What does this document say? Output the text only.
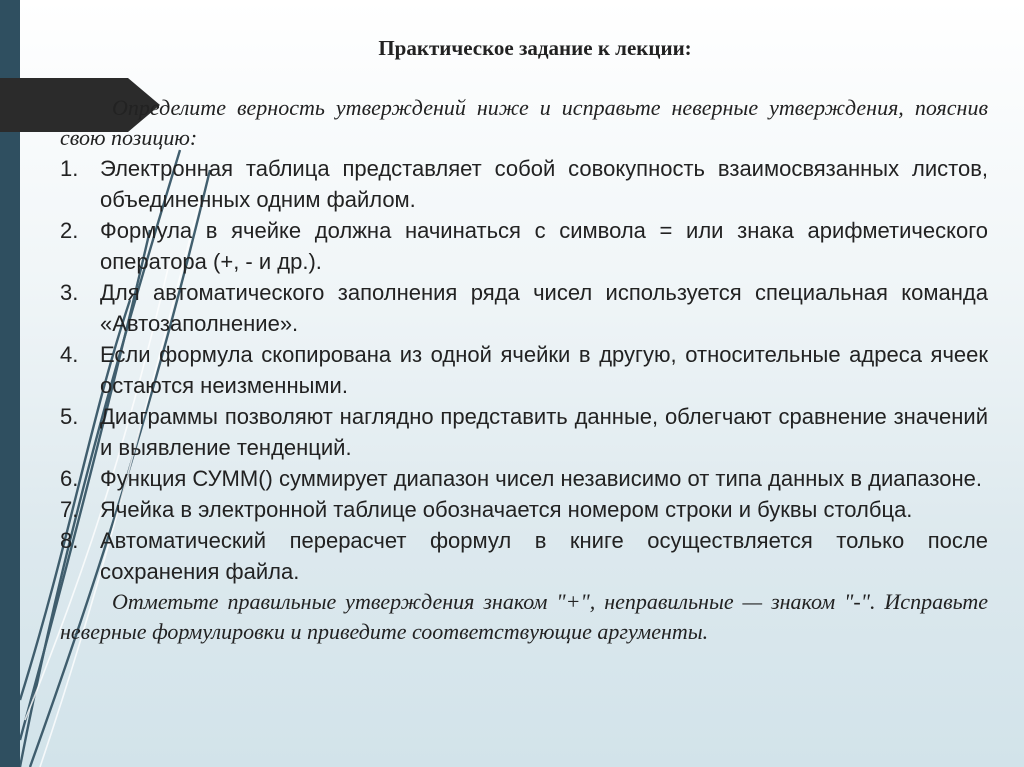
Практическое задание к лекции:

Определите верность утверждений ниже и исправьте неверные утверждения, пояснив свою позицию:

1. Электронная таблица представляет собой совокупность взаимосвязанных листов, объединенных одним файлом.
2. Формула в ячейке должна начинаться с символа = или знака арифметического оператора (+, - и др.).
3. Для автоматического заполнения ряда чисел используется специальная команда «Автозаполнение».
4. Если формула скопирована из одной ячейки в другую, относительные адреса ячеек остаются неизменными.
5. Диаграммы позволяют наглядно представить данные, облегчают сравнение значений и выявление тенденций.
6. Функция СУММ() суммирует диапазон чисел независимо от типа данных в диапазоне.
7. Ячейка в электронной таблице обозначается номером строки и буквы столбца.
8. Автоматический перерасчет формул в книге осуществляется только после сохранения файла.

Отметьте правильные утверждения знаком "+", неправильные — знаком "-". Исправьте неверные формулировки и приведите соответствующие аргументы.
